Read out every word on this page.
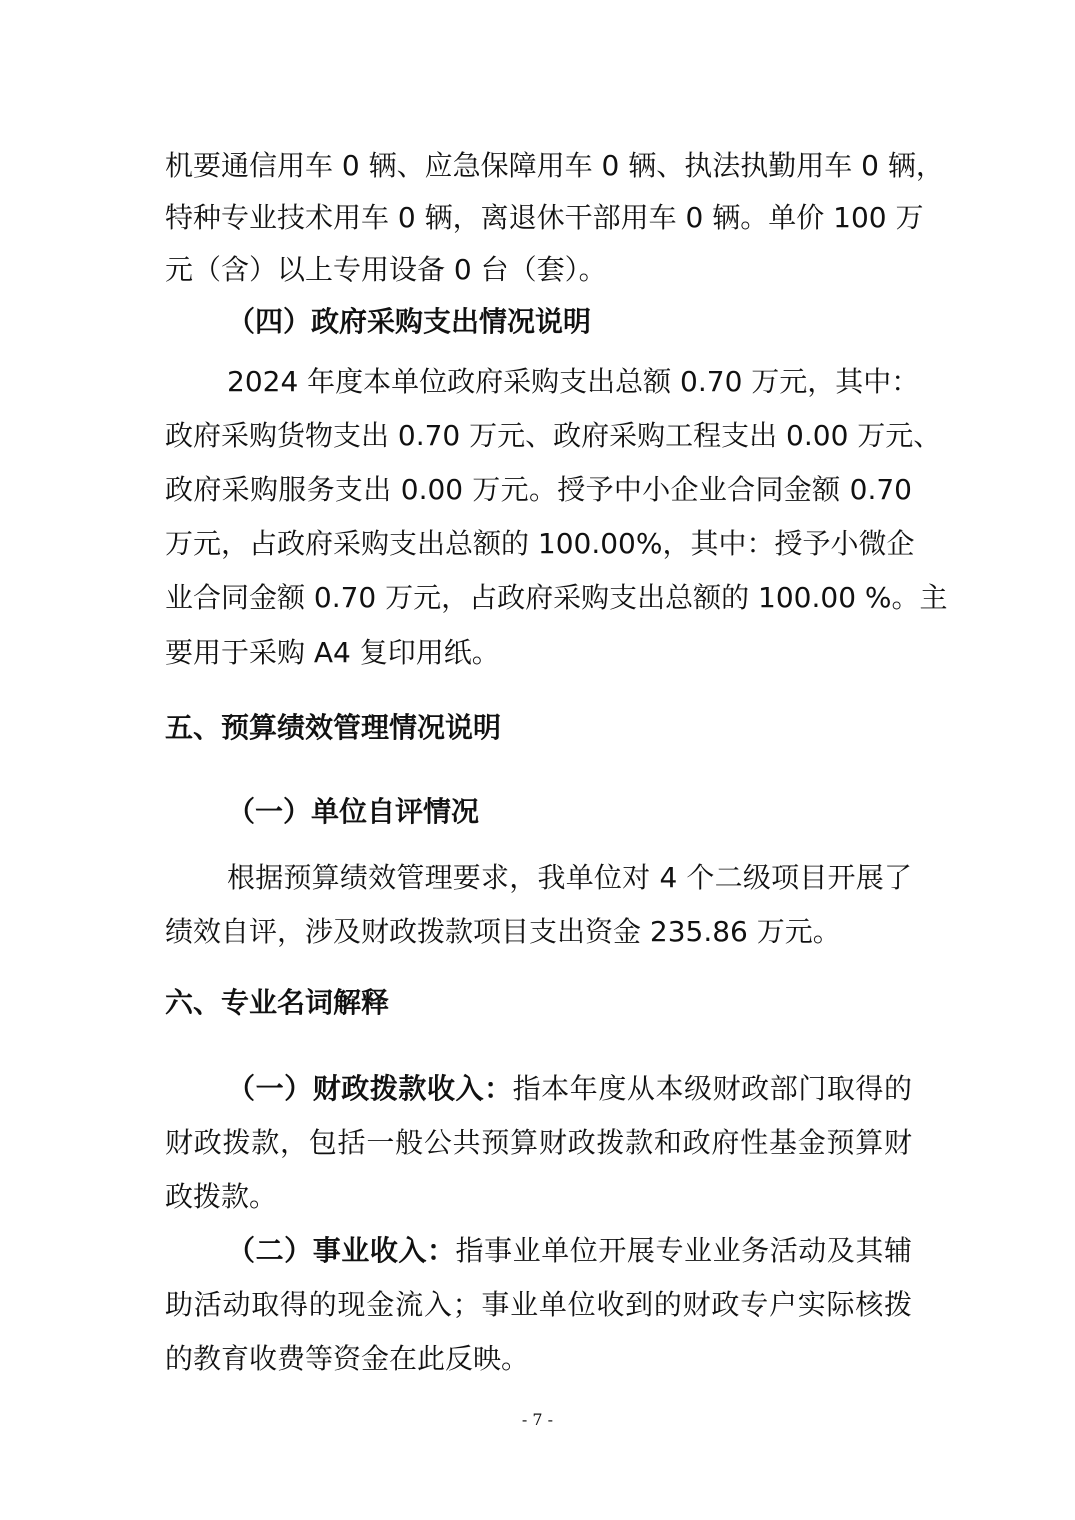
机要通信用车 0 辆、应急保障用车 0 辆、执法执勤用车 0 辆，
特种专业技术用车 0 辆，离退休干部用车 0 辆。单价 100 万
元（含）以上专用设备 0 台（套）。
（四）政府采购支出情况说明
2024 年度本单位政府采购支出总额 0.70 万元，其中：
政府采购货物支出 0.70 万元、政府采购工程支出 0.00 万元、
政府采购服务支出 0.00 万元。授予中小企业合同金额 0.70
万元，占政府采购支出总额的 100.00%，其中：授予小微企
业合同金额 0.70 万元，占政府采购支出总额的 100.00 %。主
要用于采购 A4 复印用纸。
五、预算绩效管理情况说明
（一）单位自评情况
根据预算绩效管理要求，我单位对 4 个二级项目开展了
绩效自评，涉及财政拨款项目支出资金 235.86 万元。
六、专业名词解释
（一）财政拨款收入：指本年度从本级财政部门取得的
财政拨款，包括一般公共预算财政拨款和政府性基金预算财
政拨款。
（二）事业收入：指事业单位开展专业业务活动及其辅
助活动取得的现金流入；事业单位收到的财政专户实际核拨
的教育收费等资金在此反映。
- 7 -
